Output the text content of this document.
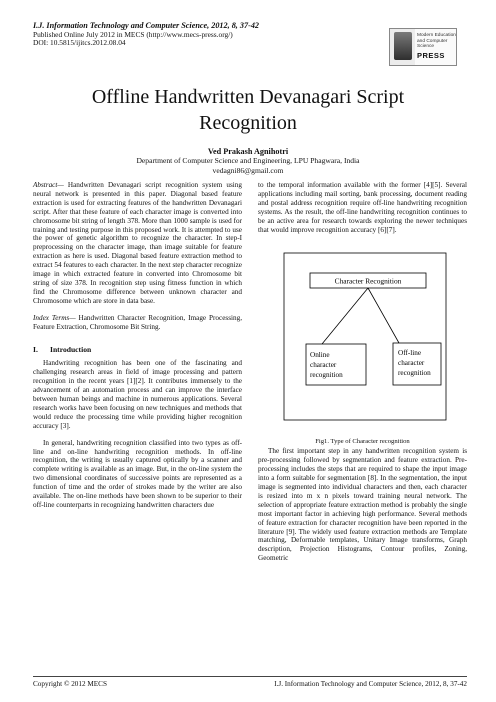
I.J. Information Technology and Computer Science, 2012, 8, 37-42
Published Online July 2012 in MECS (http://www.mecs-press.org/)
DOI: 10.5815/ijitcs.2012.08.04
Modern Education
and Computer
Science
PRESS
Offline Handwritten Devanagari Script
Recognition
Ved Prakash Agnihotri
Department of Computer Science and Engineering, LPU Phagwara, India
vedagni86@gmail.com

Abstract— Handwritten Devanagari script recognition system using neural network is presented in this paper. Diagonal based feature extraction is used for extracting features of the handwritten Devanagari script. After that these feature of each character image is converted into chromosome bit string of length 378. More than 1000 sample is used for training and testing purpose in this proposed work. It is attempted to use the power of genetic algorithm to recognize the character. In step-I preprocessing on the character image, than image suitable for feature extraction as here is used. Diagonal based feature extraction method to extract 54 features to each character. In the next step character recognize image in which extracted feature in converted into Chromosome bit string of size 378. In recognition step using fitness function in which find the Chromosome difference between unknown character and Chromosome which are store in data base.

Index Terms— Handwritten Character Recognition, Image Processing, Feature Extraction, Chromosome Bit String.

I. Introduction

Handwriting recognition has been one of the fascinating and challenging research areas in field of image processing and pattern recognition in the recent years [1][2]. It contributes immensely to the advancement of an automation process and can improve the interface between human beings and machine in numerous applications. Several research works have been focusing on new techniques and methods that would reduce the processing time while providing higher recognition accuracy [3].

In general, handwriting recognition classified into two types as off-line and on-line handwriting recognition methods. In off-line recognition, the writing is usually captured optically by a scanner and complete writing is available as an image. But, in the on-line system the two dimensional coordinates of successive points are represented as a function of time and the order of strokes made by the writer are also available. The on-line methods have been shown to be superior to their off-line counterparts in recognizing handwritten characters due

to the temporal information available with the former [4][5]. Several applications including mail sorting, bank processing, document reading and postal address recognition require off-line handwriting recognition systems. As the result, the off-line handwriting recognition continues to be an active area for research towards exploring the newer techniques that would improve recognition accuracy [6][7].

Character Recognition
Online
character
recognition
Off-line
character
recognition

Fig1. Type of Character recognition

The first important step in any handwritten recognition system is pre-processing followed by segmentation and feature extraction. Pre-processing includes the steps that are required to shape the input image into a form suitable for segmentation [8]. In the segmentation, the input image is segmented into individual characters and then, each character is resized into m x n pixels toward training neural network. The selection of appropriate feature extraction method is probably the single most important factor in achieving high performance. Several methods of feature extraction for character recognition have been reported in the literature [9]. The widely used feature extraction methods are Template matching, Deformable templates, Unitary Image transforms, Graph description, Projection Histograms, Contour profiles, Zoning, Geometric

Copyright © 2012 MECS	I.J. Information Technology and Computer Science, 2012, 8, 37-42
